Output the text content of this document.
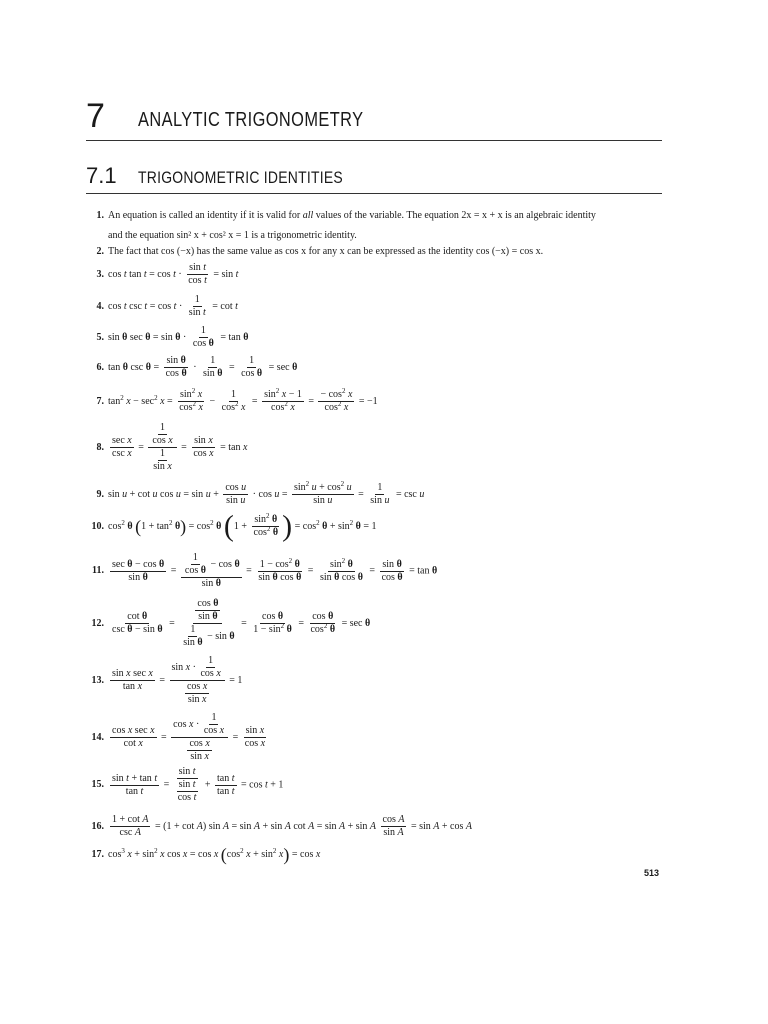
7 ANALYTIC TRIGONOMETRY
7.1 TRIGONOMETRIC IDENTITIES
1. An equation is called an identity if it is valid for all values of the variable. The equation 2x = x + x is an algebraic identity
and the equation sin² x + cos² x = 1 is a trigonometric identity.
2. The fact that cos (−x) has the same value as cos x for any x can be expressed as the identity cos (−x) = cos x.
3. cos t $\tan t = \cos t \cdot \frac{\text{sin t}}{\text{cos t}} = \sin t$
4. cos t $\csc t = \cos t \cdot \frac{1}{\text{sin t}} = \cot t$
5. sin θ $\sec \theta = \sin \theta \cdot \frac{1}{\text{cos θ}} = \tan \theta$
6. tan θ $\csc \theta = \frac{\text{sin θ}}{\text{cos θ}} \cdot \frac{1}{\text{sin θ}} = \frac{1}{\text{cos θ}} = \sec \theta$
7. $\tan^2 x - \sec^2 x = \frac{\sin^2 x}{\cos^2 x} - \frac{1}{\cos^2 x} = \frac{\sin^2 x - 1}{\cos^2 x} = \frac{- \cos^2 x}{\cos^2 x} = -1$
8. $\frac{\text{sec x}}{\text{csc x}} = \frac{\frac{1}{\text{cos x}}}{\frac{1}{\text{sin x}}} = \frac{\text{sin x}}{\text{cos x}} = \tan x$
9. sin u + cot u $\cos u = \sin u + \frac{\text{cos u}}{\text{sin u}} \cdot \cos u = \frac{\sin^2 u + \cos^2 u}{\text{sin u}} = \frac{1}{\text{sin u}} = \csc u$
10. $\cos^2 \theta$ $(1 + \tan^2 \theta) = \cos^2 \theta$ ($1 + \frac{\sin^2 \theta}{\cos^2 \theta}$ ) = $\cos^2 \theta + \sin^2 \theta = 1$
11. $\frac{\text{sec θ − cos θ}}{\text{sin θ}} = \frac{\frac{1}{\text{cos θ}} - \cos \theta}{\text{sin θ}} = \frac{1 - \cos^2 \theta}{\text{sin θ cos θ}} = \frac{\sin^2 \theta}{\text{sin θ cos θ}} = \frac{\text{sin θ}}{\text{cos θ}} = \tan \theta$
12. $\frac{\text{cot θ}}{\text{csc θ − sin θ}} = \frac{\frac{\text{cos θ}}{\text{sin θ}}}{\frac{1}{\text{sin θ}} - \sin \theta} = \frac{\text{cos θ}}{1 - \sin^2 \theta} = \frac{\text{cos θ}}{\cos^2 \theta} = \sec \theta$
13. $\frac{\text{sin x sec x}}{\text{tan x}} = \frac{\sin x \cdot \frac{1}{\text{cos x}}}{\frac{\text{cos x}}{\text{sin x}}} = 1$
14. $\frac{\text{cos x sec x}}{\text{cot x}} = \frac{\cos x \cdot \frac{1}{\text{cos x}}}{\frac{\text{cos x}}{\text{sin x}}} = \frac{\text{sin x}}{\text{cos x}}$
15. $\frac{\text{sin t + tan t}}{\text{tan t}} = \frac{\text{sin t}}{\frac{\text{sin t}}{\text{cos t}}} + \frac{\text{tan t}}{\text{tan t}} = \cos t + 1$
16. $\frac{\text{1 + cot A}}{\text{csc A}} = (1 + \cot A)$ sin A = sin A + sin A cot A = sin A + sin A $\frac{\text{cos A}}{\text{sin A}} = \sin A + \cos A$
17. $\cos^3 x + \sin^2 x$ cos x = cos x ($\cos^2$ $x + \sin^2 x) = \cos x$
513
